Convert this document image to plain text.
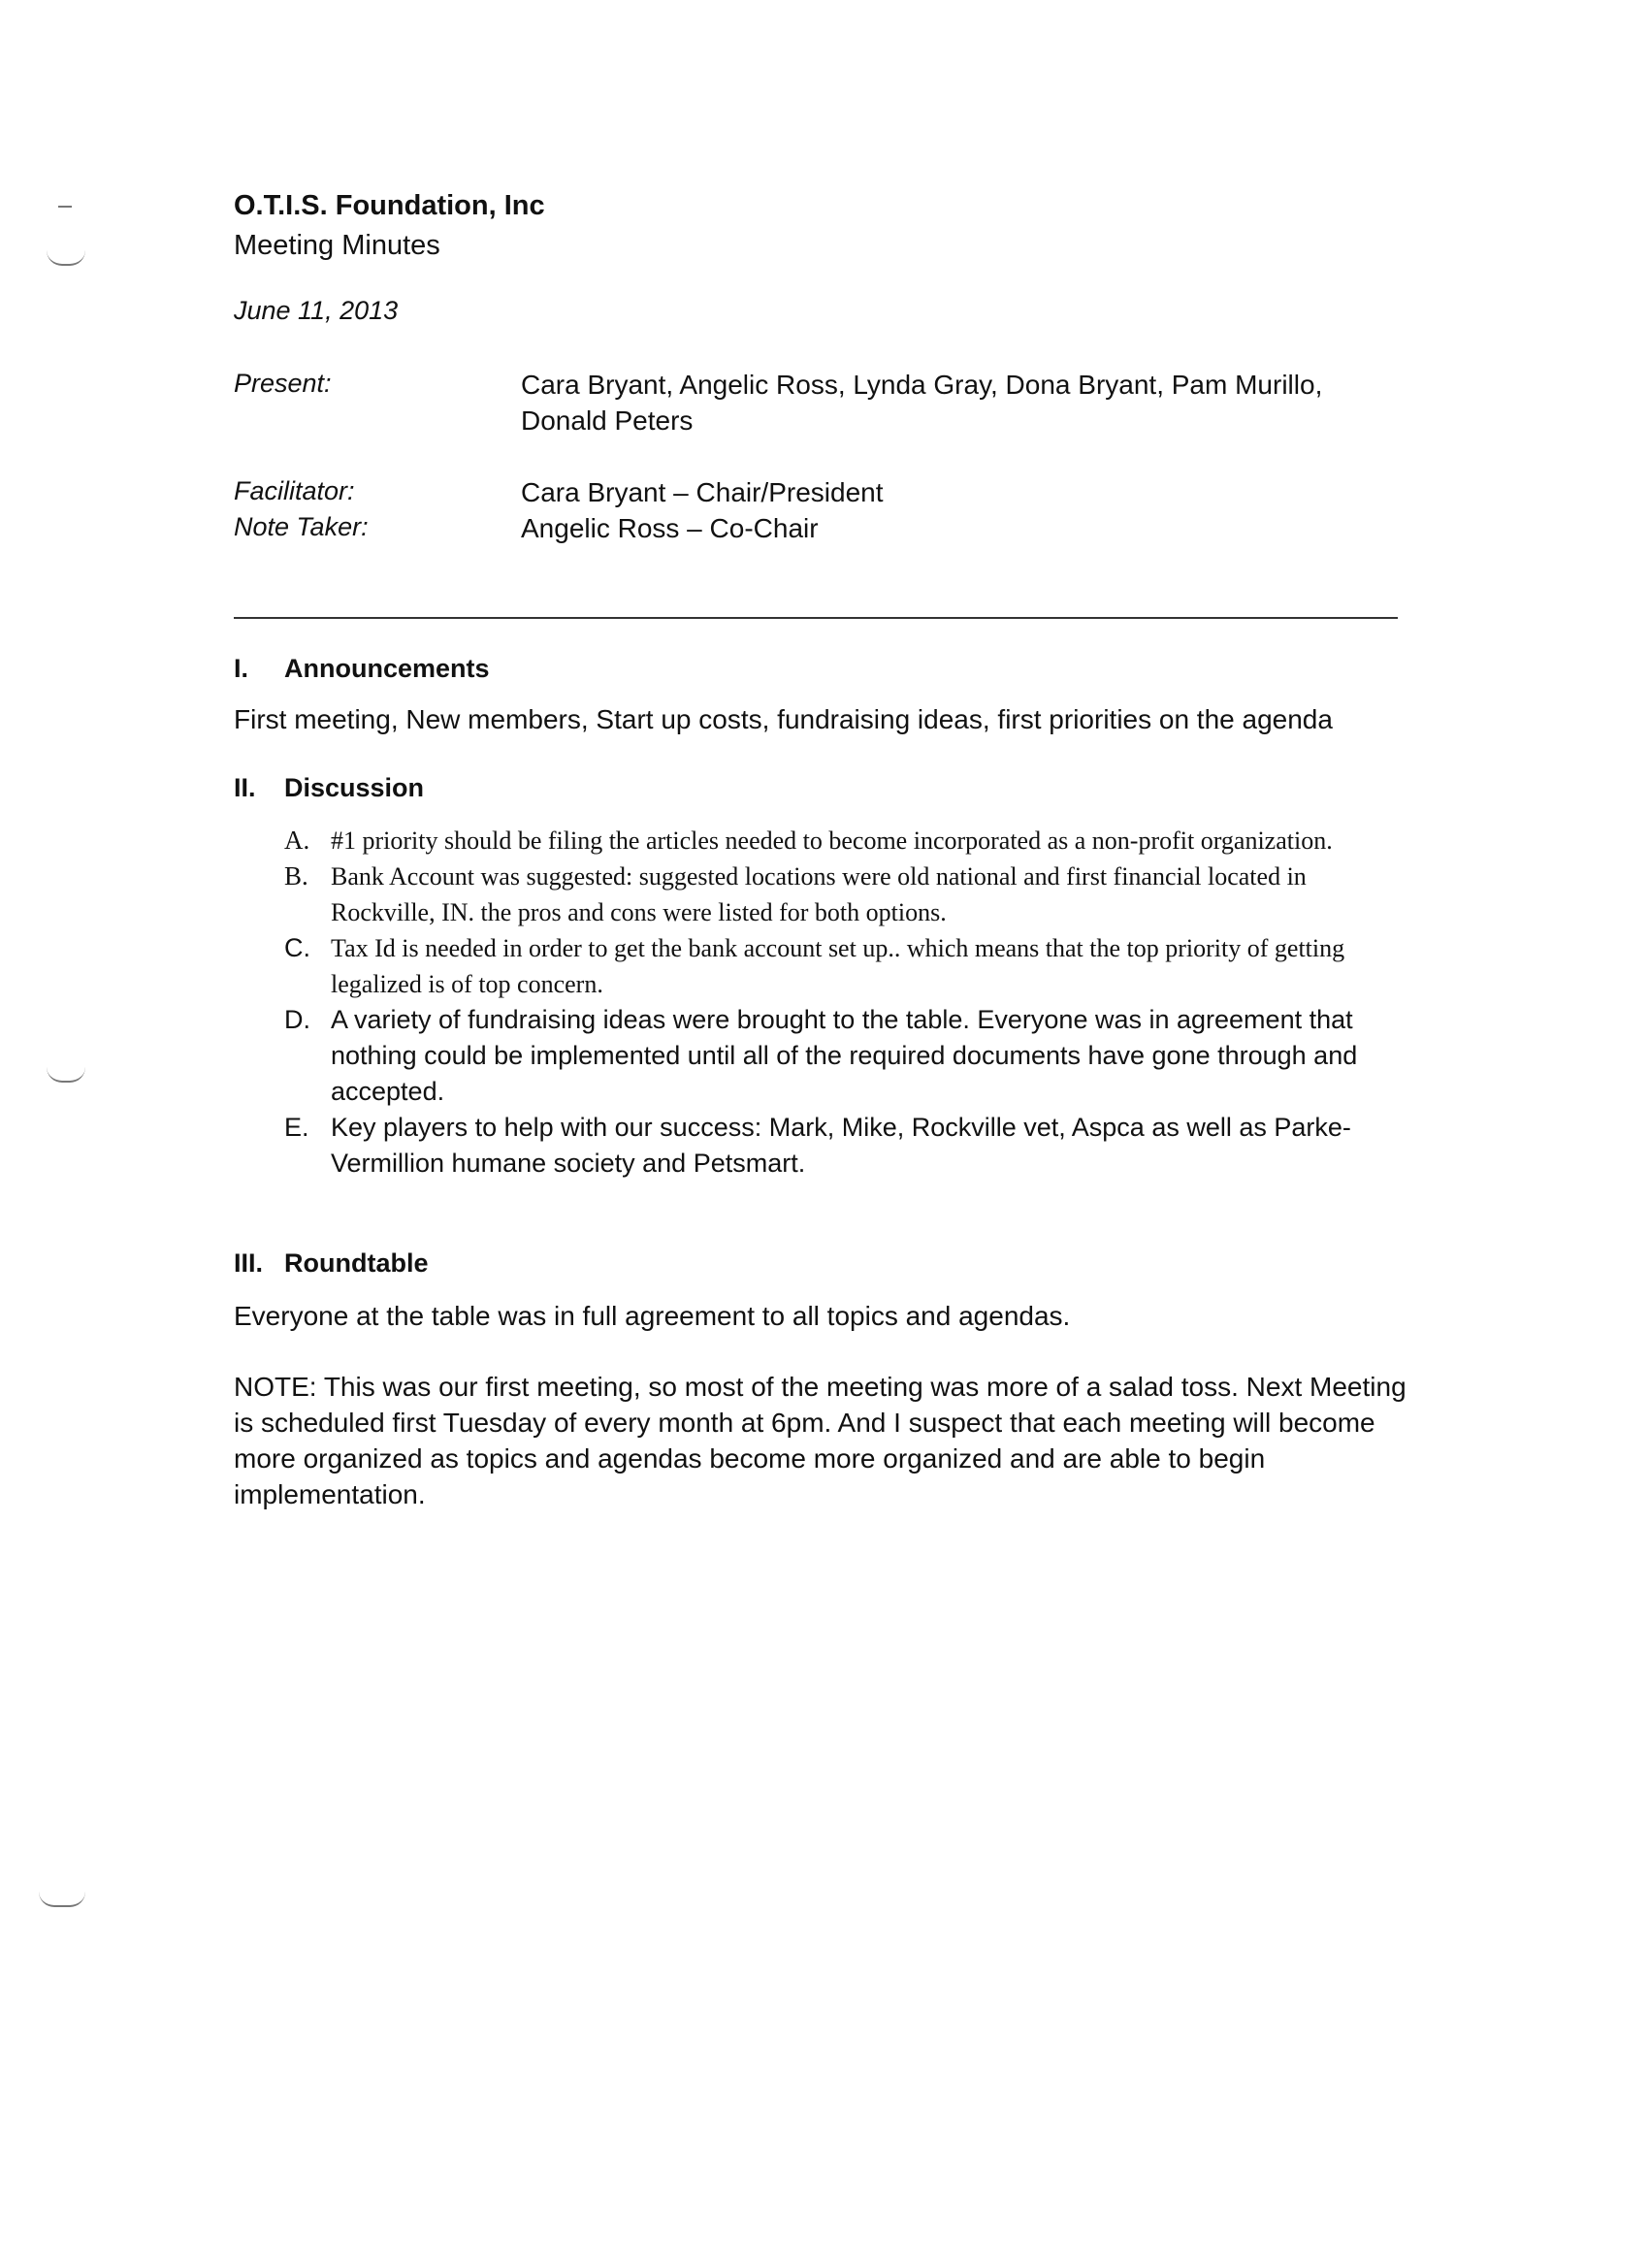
O.T.I.S. Foundation, Inc
Meeting Minutes
June 11, 2013
Present:	Cara Bryant, Angelic Ross, Lynda Gray, Dona Bryant, Pam Murillo,
Donald Peters
Facilitator:	Cara Bryant – Chair/President
Note Taker:	Angelic Ross – Co-Chair
I. Announcements
First meeting, New members, Start up costs, fundraising ideas, first priorities on the agenda
II. Discussion
A. #1 priority should be filing the articles needed to become incorporated as a non-profit organization.
B. Bank Account was suggested: suggested locations were old national and first financial located in Rockville, IN. the pros and cons were listed for both options.
C. Tax Id is needed in order to get the bank account set up.. which means that the top priority of getting legalized is of top concern.
D. A variety of fundraising ideas were brought to the table. Everyone was in agreement that nothing could be implemented until all of the required documents have gone through and accepted.
E. Key players to help with our success: Mark, Mike, Rockville vet, Aspca as well as Parke-Vermillion humane society and Petsmart.
III. Roundtable
Everyone at the table was in full agreement to all topics and agendas.
NOTE: This was our first meeting, so most of the meeting was more of a salad toss. Next Meeting is scheduled first Tuesday of every month at 6pm. And I suspect that each meeting will become more organized as topics and agendas become more organized and are able to begin implementation.
